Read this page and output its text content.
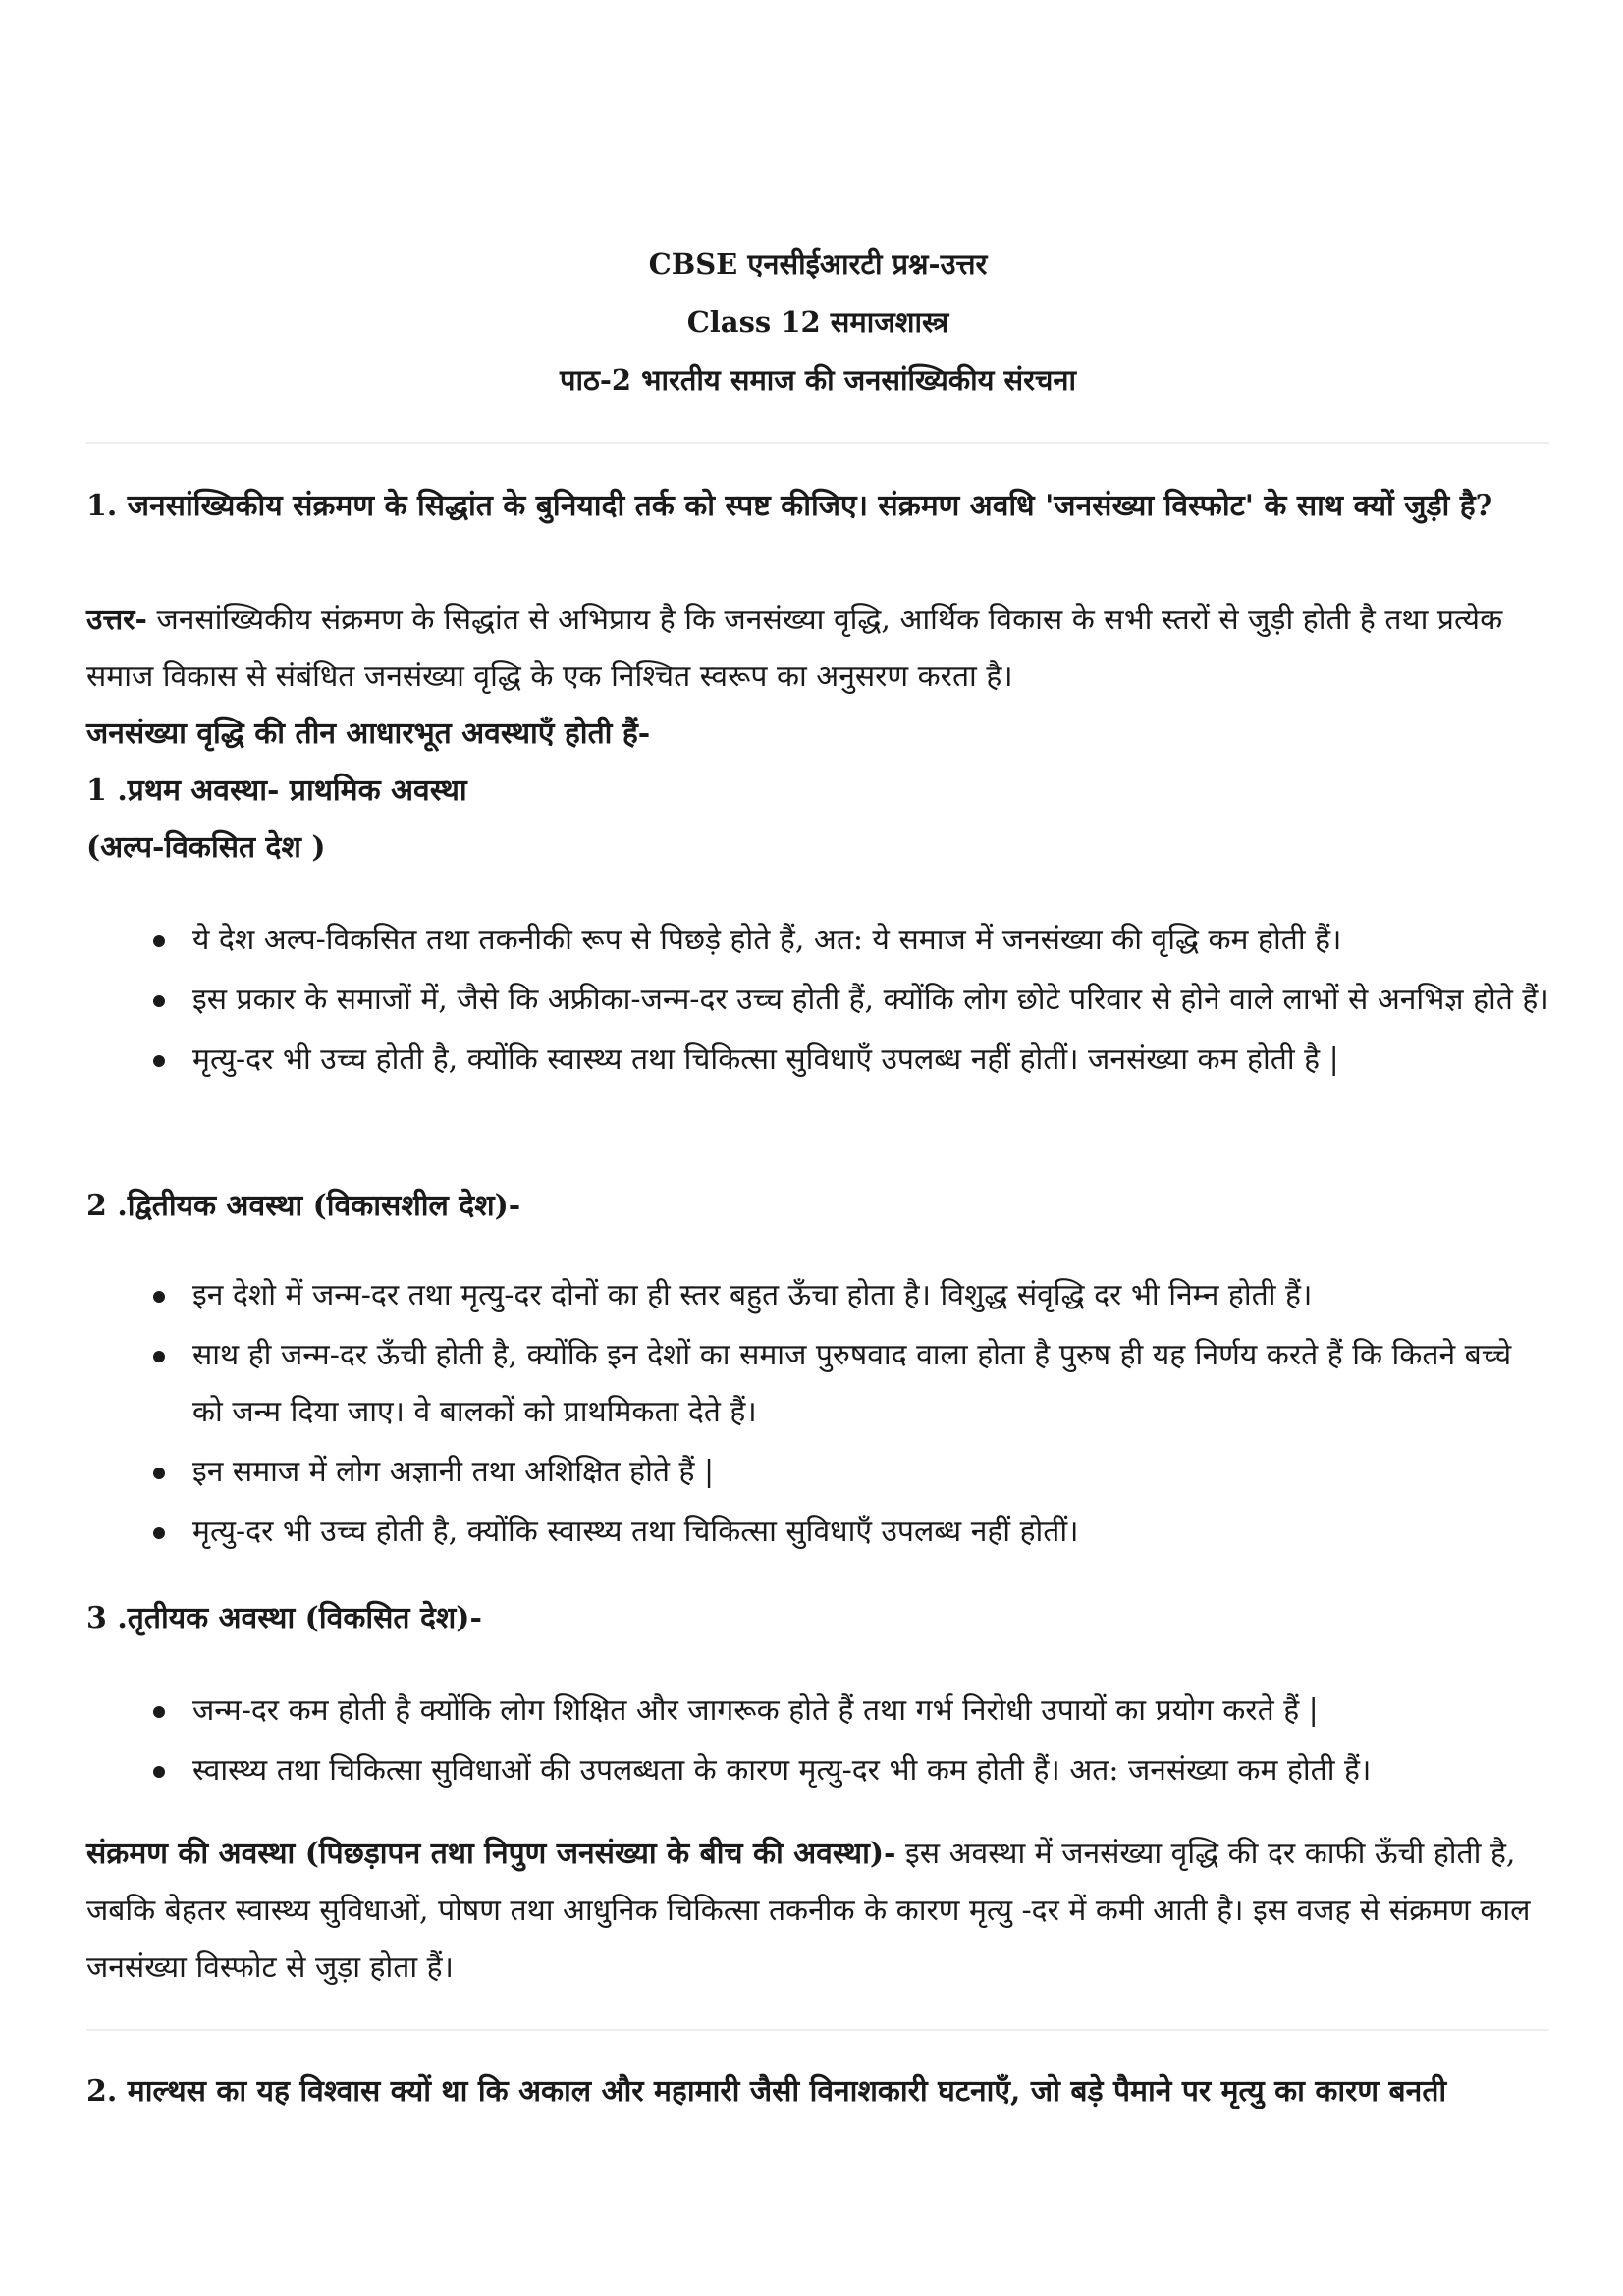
CBSE एनसीईआरटी प्रश्न-उत्तर
Class 12 समाजशास्त्र
पाठ-2 भारतीय समाज की जनसांख्यिकीय संरचना
1. जनसांख्यिकीय संक्रमण के सिद्धांत के बुनियादी तर्क को स्पष्ट कीजिए। संक्रमण अवधि 'जनसंख्या विस्फोट' के साथ क्यों जुड़ी है?
उत्तर- जनसांख्यिकीय संक्रमण के सिद्धांत से अभिप्राय है कि जनसंख्या वृद्धि, आर्थिक विकास के सभी स्तरों से जुड़ी होती है तथा प्रत्येक समाज विकास से संबंधित जनसंख्या वृद्धि के एक निश्चित स्वरूप का अनुसरण करता है।
जनसंख्या वृद्धि की तीन आधारभूत अवस्थाएँ होती हैं-
1 .प्रथम अवस्था- प्राथमिक अवस्था
(अल्प-विकसित देश )
ये देश अल्प-विकसित तथा तकनीकी रूप से पिछड़े होते हैं, अत: ये समाज में जनसंख्या की वृद्धि कम होती हैं।
इस प्रकार के समाजों में, जैसे कि अफ्रीका-जन्म-दर उच्च होती हैं, क्योंकि लोग छोटे परिवार से होने वाले लाभों से अनभिज्ञ होते हैं।
मृत्यु-दर भी उच्च होती है, क्योंकि स्वास्थ्य तथा चिकित्सा सुविधाएँ उपलब्ध नहीं होतीं। जनसंख्या कम होती है |
2 .द्वितीयक अवस्था (विकासशील देश)-
इन देशो में जन्म-दर तथा मृत्यु-दर दोनों का ही स्तर बहुत ऊँचा होता है। विशुद्ध संवृद्धि दर भी निम्न होती हैं।
साथ ही जन्म-दर ऊँची होती है, क्योंकि इन देशों का समाज पुरुषवाद वाला होता है पुरुष ही यह निर्णय करते हैं कि कितने बच्चे को जन्म दिया जाए। वे बालकों को प्राथमिकता देते हैं।
इन समाज में लोग अज्ञानी तथा अशिक्षित होते हैं |
मृत्यु-दर भी उच्च होती है, क्योंकि स्वास्थ्य तथा चिकित्सा सुविधाएँ उपलब्ध नहीं होतीं।
3 .तृतीयक अवस्था (विकसित देश)-
जन्म-दर कम होती है क्योंकि लोग शिक्षित और जागरूक होते हैं तथा गर्भ निरोधी उपायों का प्रयोग करते हैं |
स्वास्थ्य तथा चिकित्सा सुविधाओं की उपलब्धता के कारण मृत्यु-दर भी कम होती हैं। अत: जनसंख्या कम होती हैं।
संक्रमण की अवस्था (पिछड़ापन तथा निपुण जनसंख्या के बीच की अवस्था)- इस अवस्था में जनसंख्या वृद्धि की दर काफी ऊँची होती है, जबकि बेहतर स्वास्थ्य सुविधाओं, पोषण तथा आधुनिक चिकित्सा तकनीक के कारण मृत्यु -दर में कमी आती है। इस वजह से संक्रमण काल जनसंख्या विस्फोट से जुड़ा होता हैं।
2. माल्थस का यह विश्वास क्यों था कि अकाल और महामारी जैसी विनाशकारी घटनाएँ, जो बड़े पैमाने पर मृत्यु का कारण बनती
